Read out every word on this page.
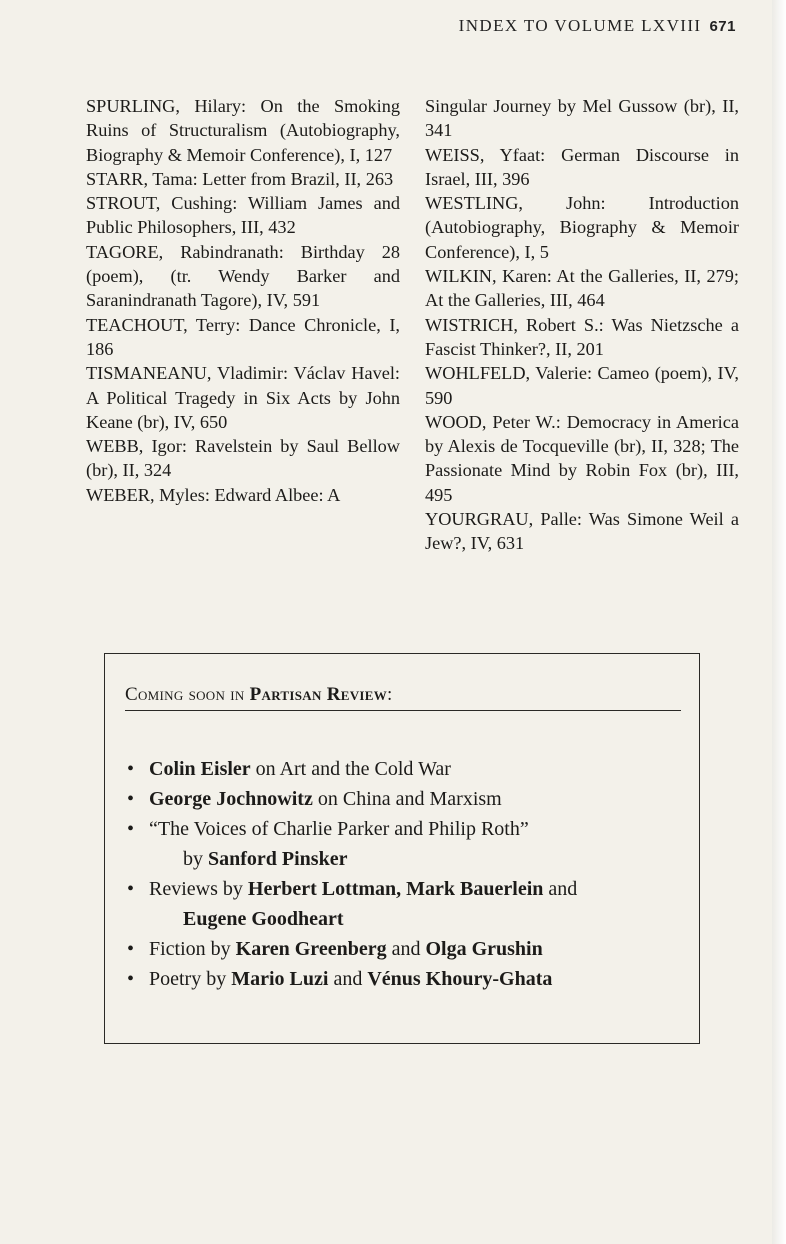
INDEX TO VOLUME LXVIII 671
SPURLING, Hilary: On the Smoking Ruins of Structuralism (Autobiography, Biography & Memoir Conference), I, 127
STARR, Tama: Letter from Brazil, II, 263
STROUT, Cushing: William James and Public Philosophers, III, 432
TAGORE, Rabindranath: Birthday 28 (poem), (tr. Wendy Barker and Saranindranath Tagore), IV, 591
TEACHOUT, Terry: Dance Chronicle, I, 186
TISMANEANU, Vladimir: Václav Havel: A Political Tragedy in Six Acts by John Keane (br), IV, 650
WEBB, Igor: Ravelstein by Saul Bellow (br), II, 324
WEBER, Myles: Edward Albee: A
Singular Journey by Mel Gussow (br), II, 341
WEISS, Yfaat: German Discourse in Israel, III, 396
WESTLING, John: Introduction (Autobiography, Biography & Memoir Conference), I, 5
WILKIN, Karen: At the Galleries, II, 279; At the Galleries, III, 464
WISTRICH, Robert S.: Was Nietzsche a Fascist Thinker?, II, 201
WOHLFELD, Valerie: Cameo (poem), IV, 590
WOOD, Peter W.: Democracy in America by Alexis de Tocqueville (br), II, 328; The Passionate Mind by Robin Fox (br), III, 495
YOURGRAU, Palle: Was Simone Weil a Jew?, IV, 631
Coming soon in Partisan Review:
• Colin Eisler on Art and the Cold War
• George Jochnowitz on China and Marxism
• “The Voices of Charlie Parker and Philip Roth”
by Sanford Pinsker
• Reviews by Herbert Lottman, Mark Bauerlein and
Eugene Goodheart
• Fiction by Karen Greenberg and Olga Grushin
• Poetry by Mario Luzi and Vénus Khoury-Ghata
